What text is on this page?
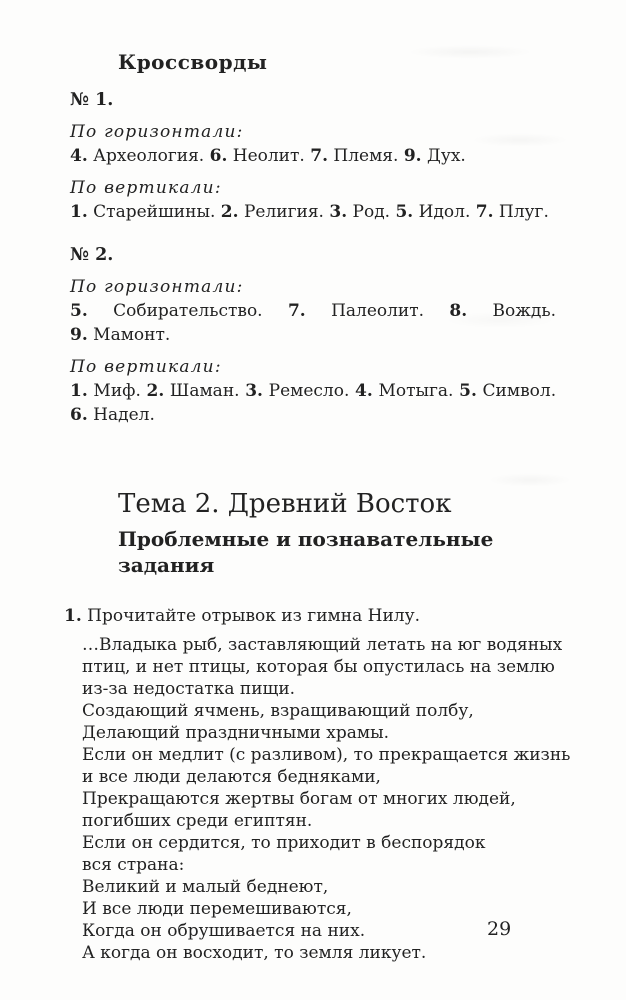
Кроссворды

№ 1.

По горизонтали:

4. Археология. 6. Неолит. 7. Племя. 9. Дух.

По вертикали:

1. Старейшины. 2. Религия. 3. Род. 5. Идол. 7. Плуг.

№ 2.

По горизонтали:

5. Собирательство. 7. Палеолит. 8. Вождь. 9. Мамонт.

По вертикали:

1. Миф. 2. Шаман. 3. Ремесло. 4. Мотыга. 5. Символ. 6. Надел.

Тема 2. Древний Восток
Проблемные и познавательные задания

1. Прочитайте отрывок из гимна Нилу.

…Владыка рыб, заставляющий летать на юг водяных
птиц, и нет птицы, которая бы опустилась на землю
из-за недостатка пищи.
Создающий ячмень, взращивающий полбу,
Делающий праздничными храмы.
Если он медлит (с разливом), то прекращается жизнь
и все люди делаются бедняками,
Прекращаются жертвы богам от многих людей,
погибших среди египтян.
Если он сердится, то приходит в беспорядок
вся страна:
Великий и малый беднеют,
И все люди перемешиваются,
Когда он обрушивается на них.
А когда он восходит, то земля ликует.
29
